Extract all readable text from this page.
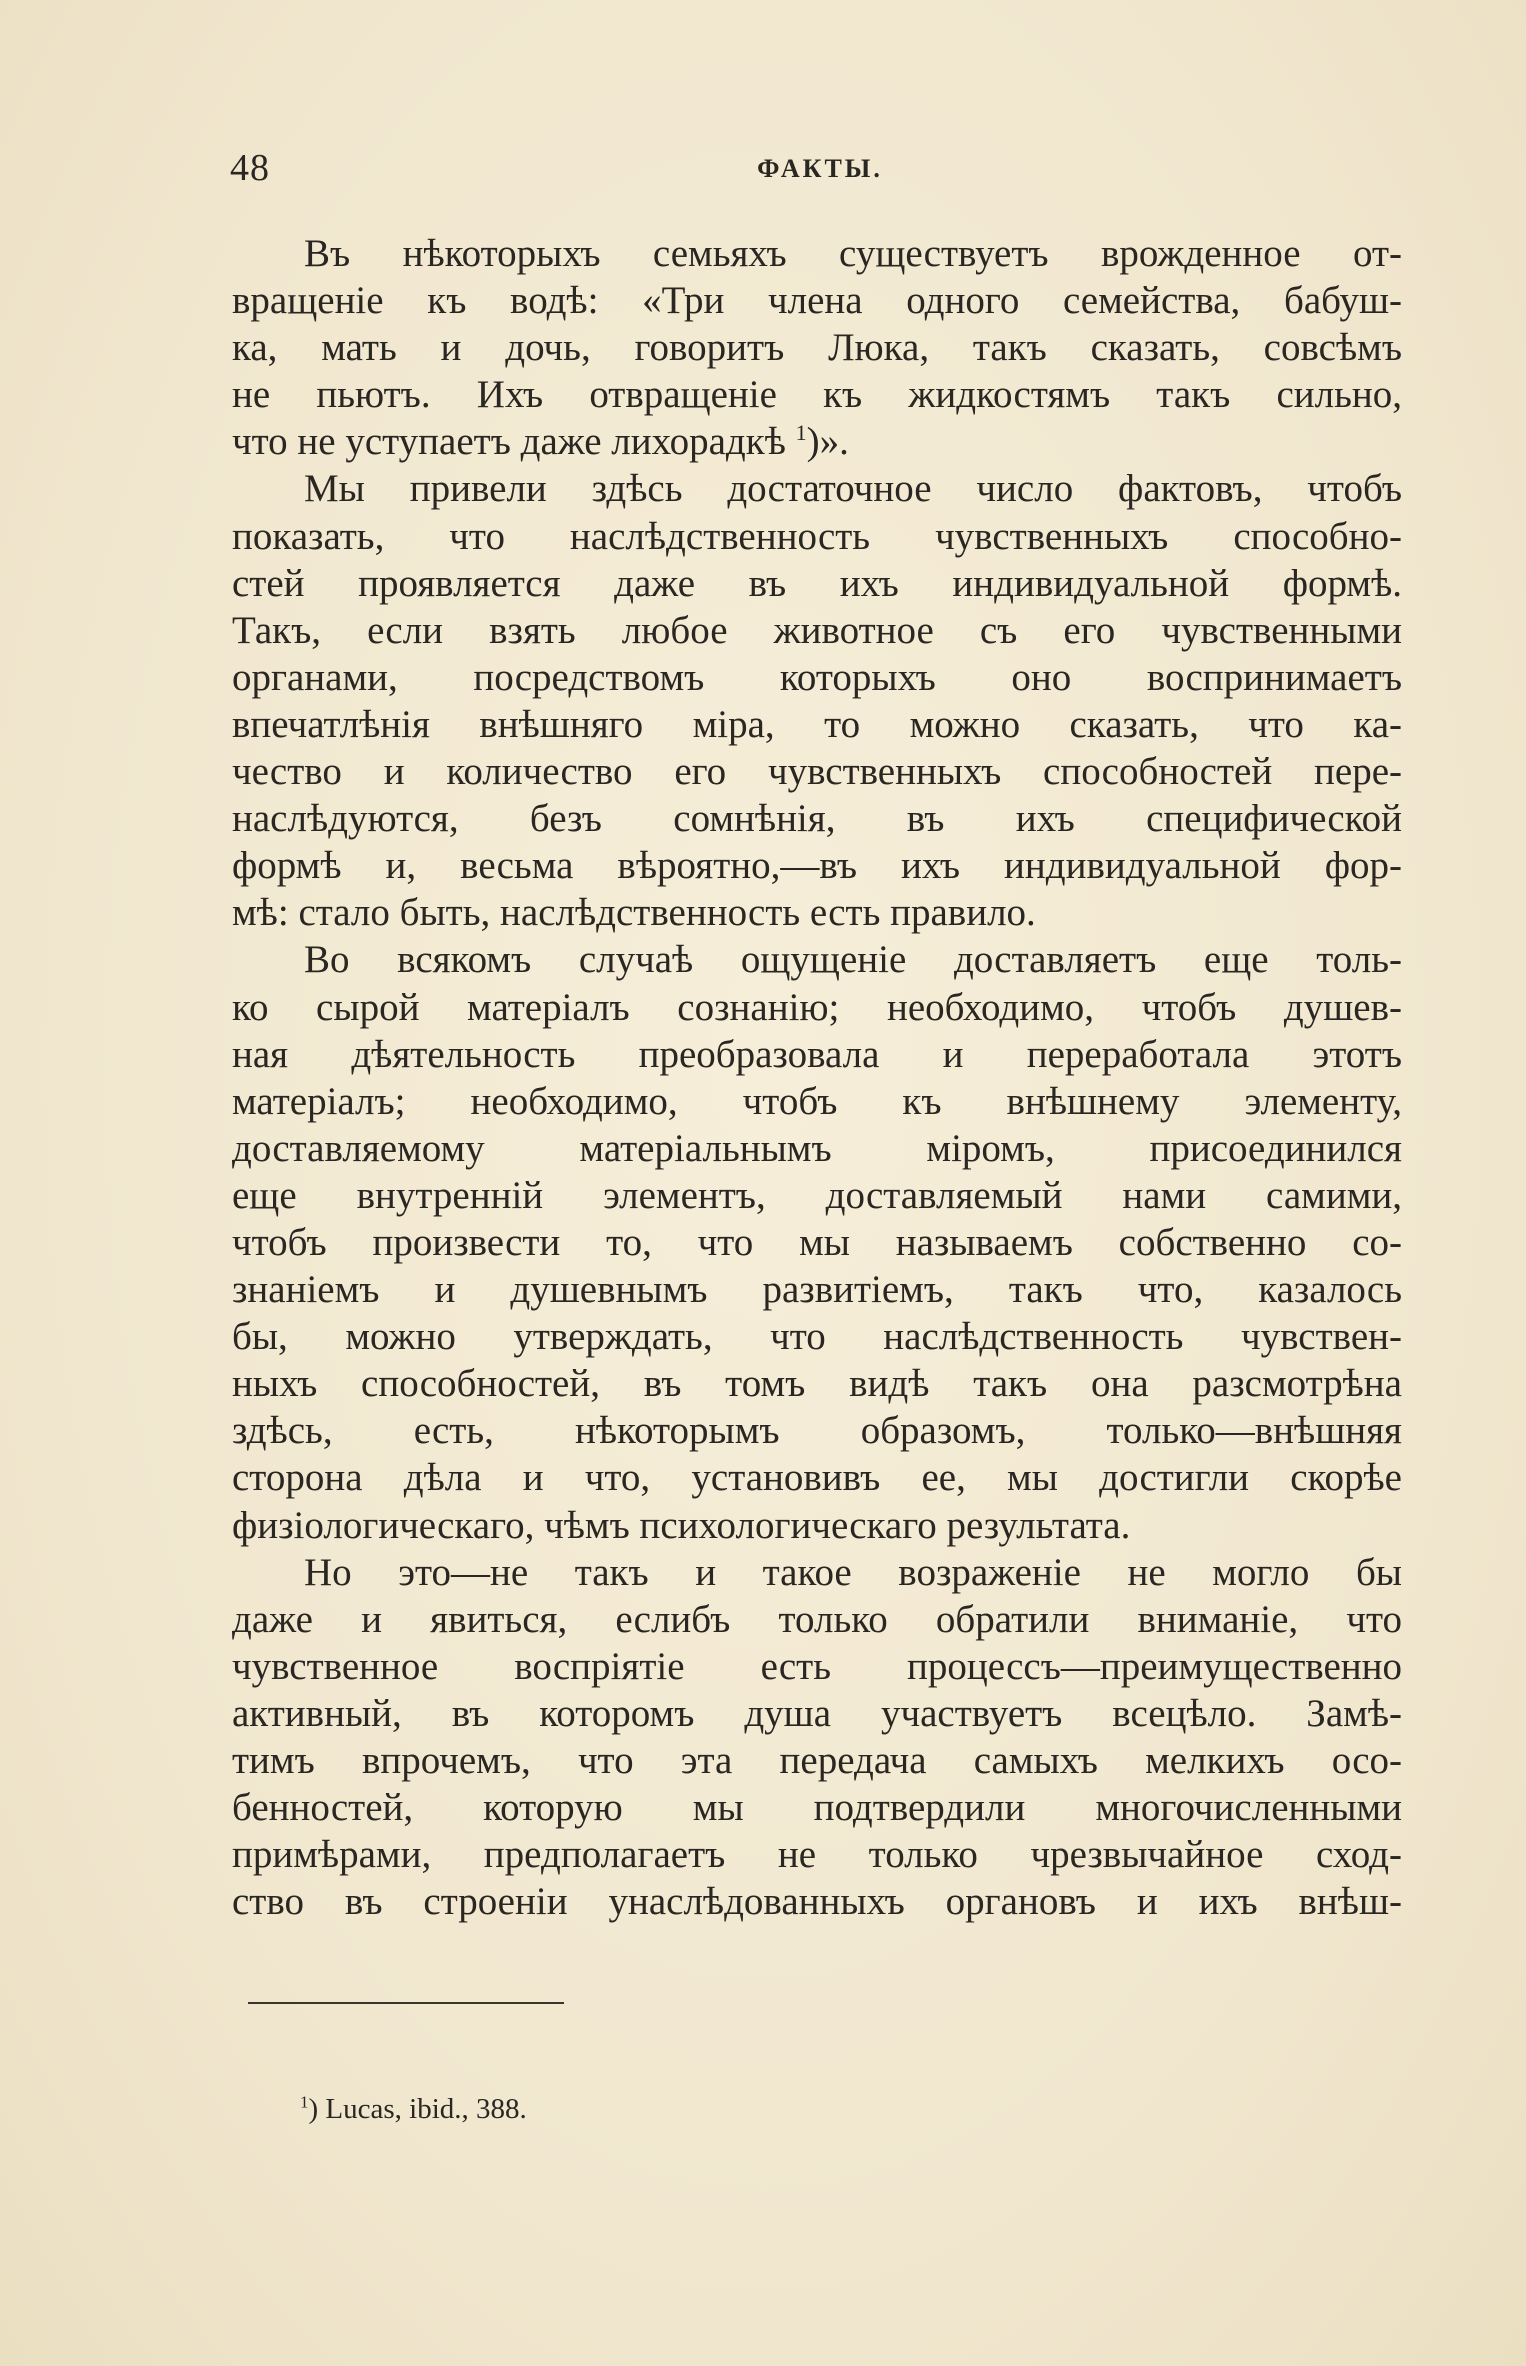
48	ФАКТЫ.
Въ нѣкоторыхъ семьяхъ существуетъ врожденное от-
вращеніе къ водѣ: «Три члена одного семейства, бабуш-
ка, мать и дочь, говоритъ Люка, такъ сказать, совсѣмъ
не пьютъ. Ихъ отвращеніе къ жидкостямъ такъ сильно,
что не уступаетъ даже лихорадкѣ $^1$)».
Мы привели здѣсь достаточное число фактовъ, чтобъ
показать, что наслѣдственность чувственныхъ способно-
стей проявляется даже въ ихъ индивидуальной формѣ.
Такъ, если взять любое животное съ его чувственными
органами, посредствомъ которыхъ оно воспринимаетъ
впечатлѣнія внѣшняго міра, то можно сказать, что ка-
чество и количество его чувственныхъ способностей пере-
наслѣдуются, безъ сомнѣнія, въ ихъ специфической
формѣ и, весьма вѣроятно,—въ ихъ индивидуальной фор-
мѣ: стало быть, наслѣдственность есть правило.
Во всякомъ случаѣ ощущеніе доставляетъ еще толь-
ко сырой матеріалъ сознанію; необходимо, чтобъ душев-
ная дѣятельность преобразовала и переработала этотъ
матеріалъ; необходимо, чтобъ къ внѣшнему элементу,
доставляемому матеріальнымъ міромъ, присоединился
еще внутренній элементъ, доставляемый нами самими,
чтобъ произвести то, что мы называемъ собственно со-
знаніемъ и душевнымъ развитіемъ, такъ что, казалось
бы, можно утверждать, что наслѣдственность чувствен-
ныхъ способностей, въ томъ видѣ такъ она разсмотрѣна
здѣсь, есть, нѣкоторымъ образомъ, только—внѣшняя
сторона дѣла и что, установивъ ее, мы достигли скорѣе
физіологическаго, чѣмъ психологическаго результата.
Но это—не такъ и такое возраженіе не могло бы
даже и явиться, еслибъ только обратили вниманіе, что
чувственное воспріятіе есть процессъ—преимущественно
активный, въ которомъ душа участвуетъ всецѣло. Замѣ-
тимъ впрочемъ, что эта передача самыхъ мелкихъ осо-
бенностей, которую мы подтвердили многочисленными
примѣрами, предполагаетъ не только чрезвычайное сход-
ство въ строеніи унаслѣдованныхъ органовъ и ихъ внѣш-
$^1$) Lucas, ibid., 388.
